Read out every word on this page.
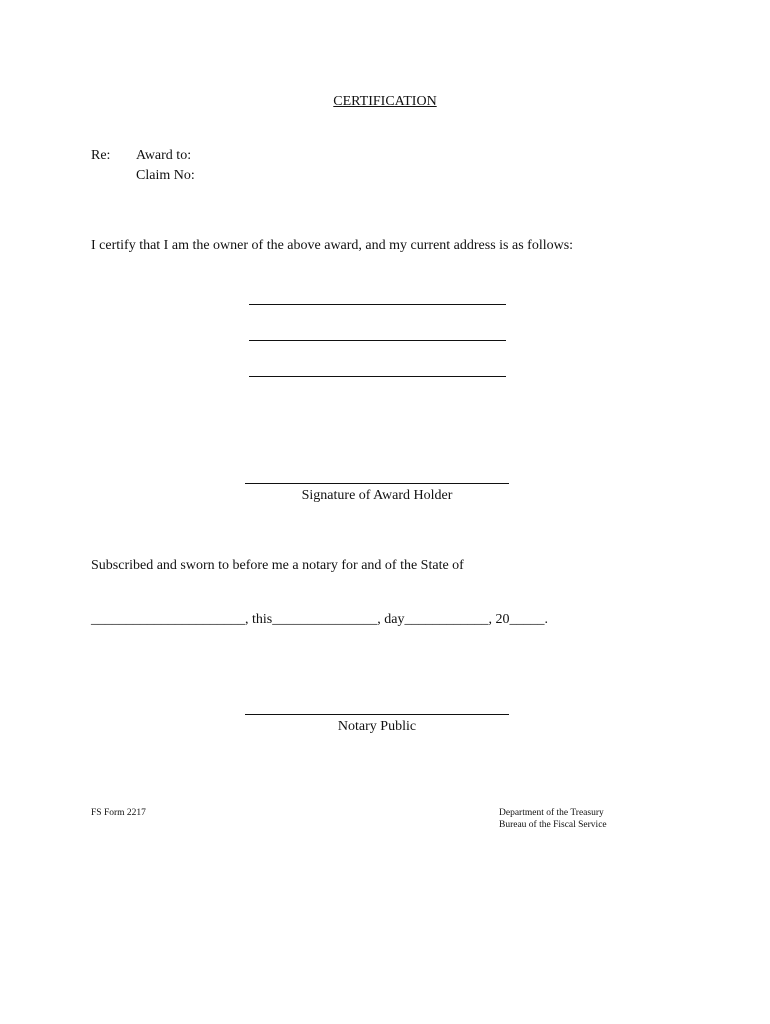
CERTIFICATION
Re: Award to:
Claim No:
I certify that I am the owner of the above award, and my current address is as follows:
Signature of Award Holder
Subscribed and sworn to before me a notary for and of the State of
______________________, this_______________, day____________, 20_____.
Notary Public
FS Form 2217	Department of the Treasury
Bureau of the Fiscal Service
